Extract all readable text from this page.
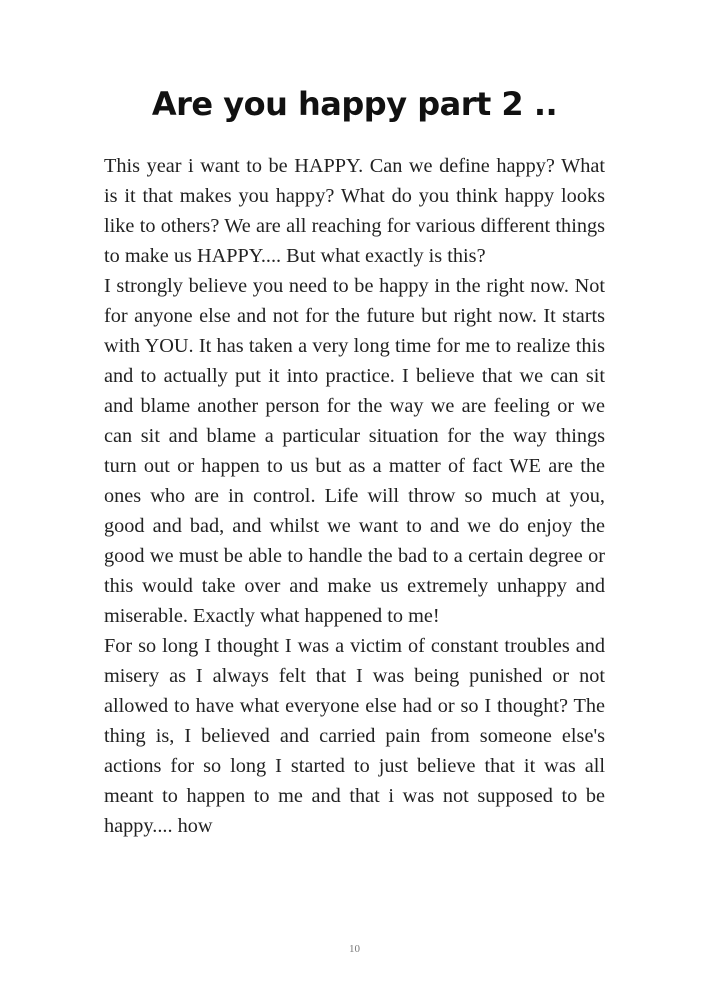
Are you happy part 2 ..

This year i want to be HAPPY. Can we define happy? What is it that makes you happy? What do you think happy looks like to others? We are all reaching for various different things to make us HAPPY.... But what exactly is this?

I strongly believe you need to be happy in the right now. Not for anyone else and not for the future but right now. It starts with YOU. It has taken a very long time for me to realize this and to actually put it into practice. I believe that we can sit and blame another person for the way we are feeling or we can sit and blame a particular situation for the way things turn out or happen to us but as a matter of fact WE are the ones who are in control. Life will throw so much at you, good and bad, and whilst we want to and we do enjoy the good we must be able to handle the bad to a certain degree or this would take over and make us extremely unhappy and miserable. Exactly what happened to me!

For so long I thought I was a victim of constant troubles and misery as I always felt that I was being punished or not allowed to have what everyone else had or so I thought? The thing is, I believed and carried pain from someone else's actions for so long I started to just believe that it was all meant to happen to me and that i was not supposed to be happy.... how

10
